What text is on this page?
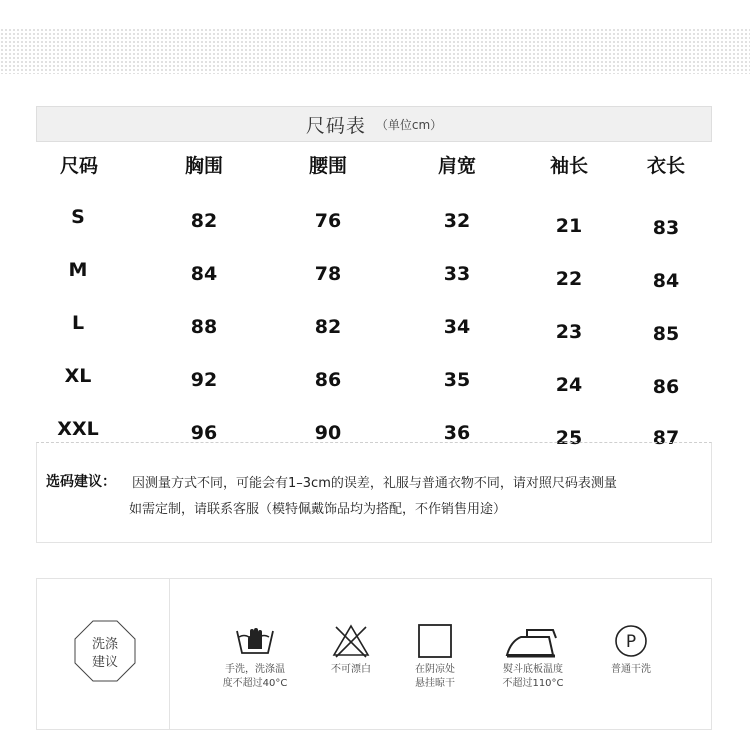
尺码表 （单位cm）
尺码
S
M
L
XL
XXL
胸围
82
84
88
92
96
腰围
76
78
82
86
90
肩宽
32
33
34
35
36
袖长
21
22
23
24
25
衣长
83
84
85
86
87
选码建议： 因测量方式不同，可能会有1–3cm的误差，礼服与普通衣物不同，请对照尺码表测量
如需定制，请联系客服（模特佩戴饰品均为搭配，不作销售用途）
洗涤
建议	手洗，洗涤温
度不超过40°C
不可漂白	在阴凉处
悬挂晾干
熨斗底板温度
不超过110°C
P
普通干洗
